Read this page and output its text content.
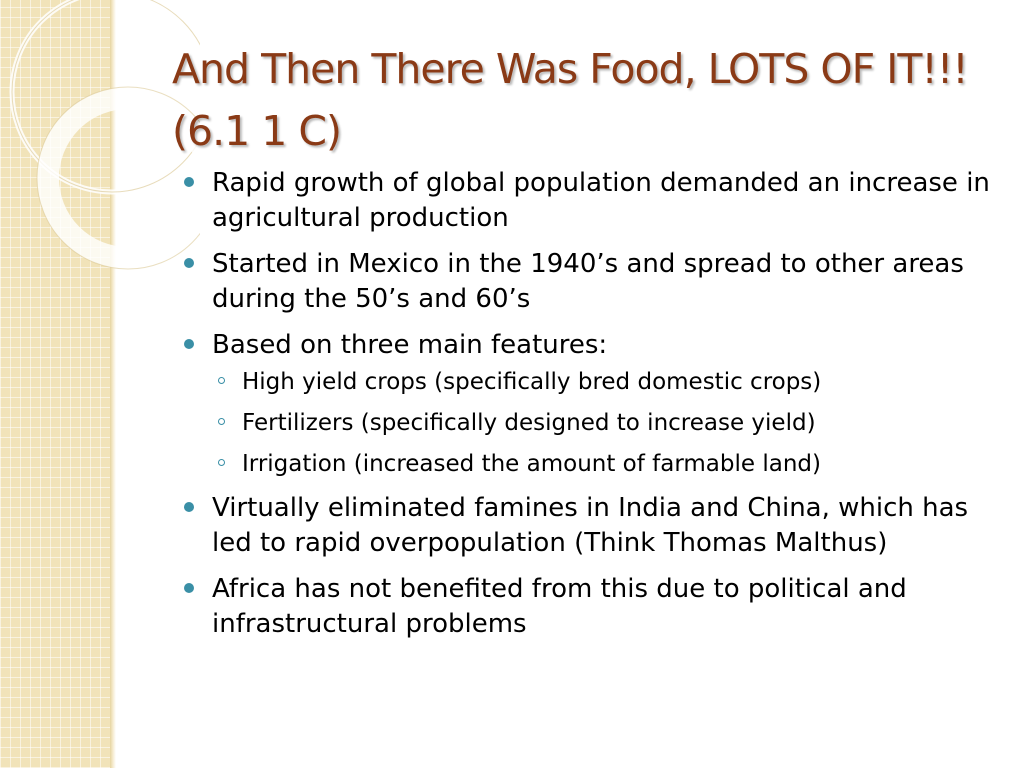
And Then There Was Food, LOTS OF IT!!!(6.1 1 C)
Rapid growth of global population demanded an increase in agricultural production
Started in Mexico in the 1940’s and spread to other areas during the 50’s and 60’s
Based on three main features:
High yield crops (specifically bred domestic crops)
Fertilizers (specifically designed to increase yield)
Irrigation (increased the amount of farmable land)
Virtually eliminated famines in India and China, which has led to rapid overpopulation (Think Thomas Malthus)
Africa has not benefited from this due to political and infrastructural problems
